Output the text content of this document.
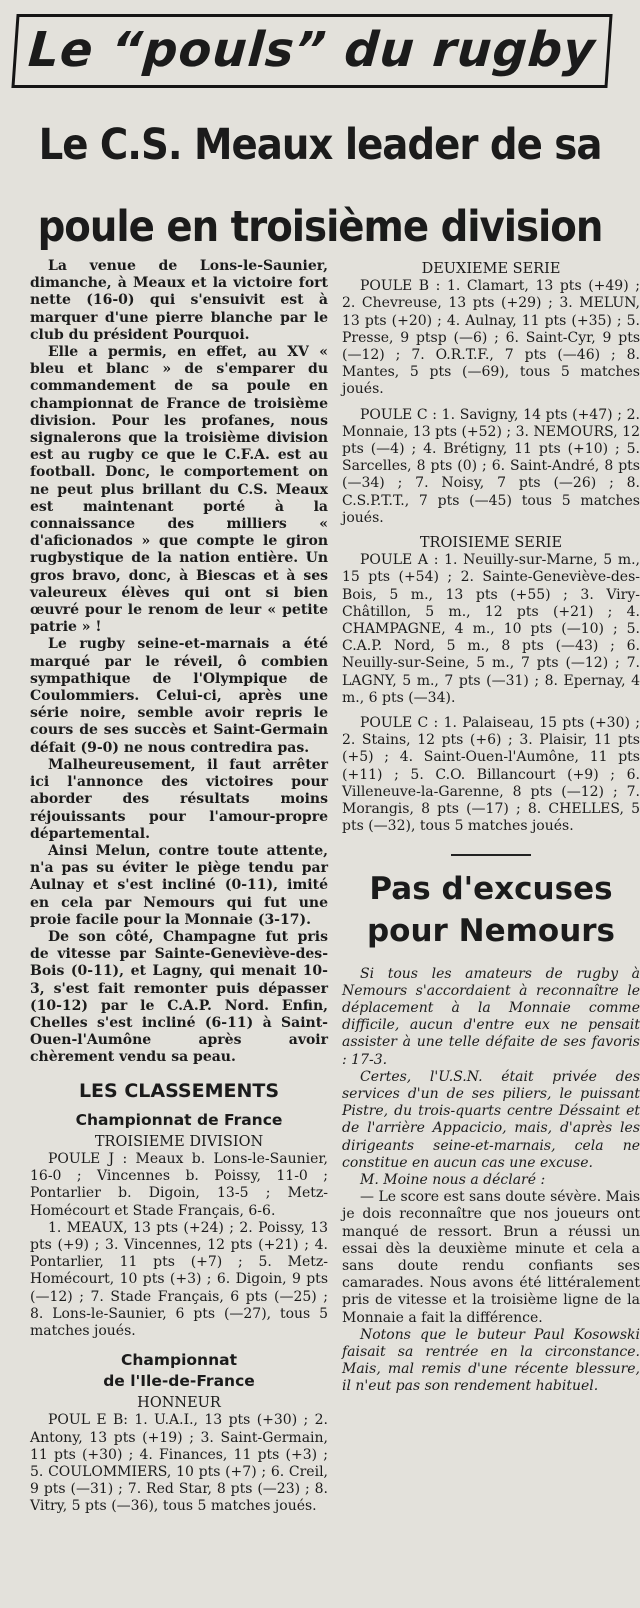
Le “pouls” du rugby
Le C.S. Meaux leader de sa
poule en troisième division

La venue de Lons-le-Saunier, dimanche, à Meaux et la victoire fort nette (16-0) qui s'ensuivit est à marquer d'une pierre blanche par le club du président Pourquoi.

Elle a permis, en effet, au XV « bleu et blanc » de s'emparer du commandement de sa poule en championnat de France de troisième division. Pour les profanes, nous signalerons que la troisième division est au rugby ce que le C.F.A. est au football. Donc, le comportement on ne peut plus brillant du C.S. Meaux est maintenant porté à la connaissance des milliers « d'aficionados » que compte le giron rugbystique de la nation entière. Un gros bravo, donc, à Biescas et à ses valeureux élèves qui ont si bien œuvré pour le renom de leur « petite patrie » !

Le rugby seine-et-marnais a été marqué par le réveil, ô combien sympathique de l'Olympique de Coulommiers. Celui-ci, après une série noire, semble avoir repris le cours de ses succès et Saint-Germain défait (9-0) ne nous contredira pas.

Malheureusement, il faut arrêter ici l'annonce des victoires pour aborder des résultats moins réjouissants pour l'amour-propre départemental.

Ainsi Melun, contre toute attente, n'a pas su éviter le piège tendu par Aulnay et s'est incliné (0-11), imité en cela par Nemours qui fut une proie facile pour la Monnaie (3-17).

De son côté, Champagne fut pris de vitesse par Sainte-Geneviève-des-Bois (0-11), et Lagny, qui menait 10-3, s'est fait remonter puis dépasser (10-12) par le C.A.P. Nord. Enfin, Chelles s'est incliné (6-11) à Saint-Ouen-l'Aumône après avoir chèrement vendu sa peau.

LES CLASSEMENTS
Championnat de France
TROISIEME DIVISION

POULE J : Meaux b. Lons-le-Saunier, 16-0 ; Vincennes b. Poissy, 11-0 ; Pontarlier b. Digoin, 13-5 ; Metz-Homécourt et Stade Français, 6-6.

1. MEAUX, 13 pts (+24) ; 2. Poissy, 13 pts (+9) ; 3. Vincennes, 12 pts (+21) ; 4. Pontarlier, 11 pts (+7) ; 5. Metz-Homécourt, 10 pts (+3) ; 6. Digoin, 9 pts (—12) ; 7. Stade Français, 6 pts (—25) ; 8. Lons-le-Saunier, 6 pts (—27), tous 5 matches joués.

Championnat
de l'Ile-de-France
HONNEUR

POUL E B: 1. U.A.I., 13 pts (+30) ; 2. Antony, 13 pts (+19) ; 3. Saint-Germain, 11 pts (+30) ; 4. Finances, 11 pts (+3) ; 5. COULOMMIERS, 10 pts (+7) ; 6. Creil, 9 pts (—31) ; 7. Red Star, 8 pts (—23) ; 8. Vitry, 5 pts (—36), tous 5 matches joués.

DEUXIEME SERIE

POULE B : 1. Clamart, 13 pts (+49) ; 2. Chevreuse, 13 pts (+29) ; 3. MELUN, 13 pts (+20) ; 4. Aulnay, 11 pts (+35) ; 5. Presse, 9 ptsp (—6) ; 6. Saint-Cyr, 9 pts (—12) ; 7. O.R.T.F., 7 pts (—46) ; 8. Mantes, 5 pts (—69), tous 5 matches joués.

POULE C : 1. Savigny, 14 pts (+47) ; 2. Monnaie, 13 pts (+52) ; 3. NEMOURS, 12 pts (—4) ; 4. Brétigny, 11 pts (+10) ; 5. Sarcelles, 8 pts (0) ; 6. Saint-André, 8 pts (—34) ; 7. Noisy, 7 pts (—26) ; 8. C.S.P.T.T., 7 pts (—45) tous 5 matches joués.

TROISIEME SERIE

POULE A : 1. Neuilly-sur-Marne, 5 m., 15 pts (+54) ; 2. Sainte-Geneviève-des-Bois, 5 m., 13 pts (+55) ; 3. Viry-Châtillon, 5 m., 12 pts (+21) ; 4. CHAMPAGNE, 4 m., 10 pts (—10) ; 5. C.A.P. Nord, 5 m., 8 pts (—43) ; 6. Neuilly-sur-Seine, 5 m., 7 pts (—12) ; 7. LAGNY, 5 m., 7 pts (—31) ; 8. Epernay, 4 m., 6 pts (—34).

POULE C : 1. Palaiseau, 15 pts (+30) ; 2. Stains, 12 pts (+6) ; 3. Plaisir, 11 pts (+5) ; 4. Saint-Ouen-l'Aumône, 11 pts (+11) ; 5. C.O. Billancourt (+9) ; 6. Villeneuve-la-Garenne, 8 pts (—12) ; 7. Morangis, 8 pts (—17) ; 8. CHELLES, 5 pts (—32), tous 5 matches joués.

Pas d'excuses
pour Nemours

Si tous les amateurs de rugby à Nemours s'accordaient à reconnaître le déplacement à la Monnaie comme difficile, aucun d'entre eux ne pensait assister à une telle défaite de ses favoris : 17-3.

Certes, l'U.S.N. était privée des services d'un de ses piliers, le puissant Pistre, du trois-quarts centre Déssaint et de l'arrière Appacicio, mais, d'après les dirigeants seine-et-marnais, cela ne constitue en aucun cas une excuse.

M. Moine nous a déclaré :

— Le score est sans doute sévère. Mais je dois reconnaître que nos joueurs ont manqué de ressort. Brun a réussi un essai dès la deuxième minute et cela a sans doute rendu confiants ses camarades. Nous avons été littéralement pris de vitesse et la troisième ligne de la Monnaie a fait la différence.

Notons que le buteur Paul Kosowski faisait sa rentrée en la circonstance. Mais, mal remis d'une récente blessure, il n'eut pas son rendement habituel.
